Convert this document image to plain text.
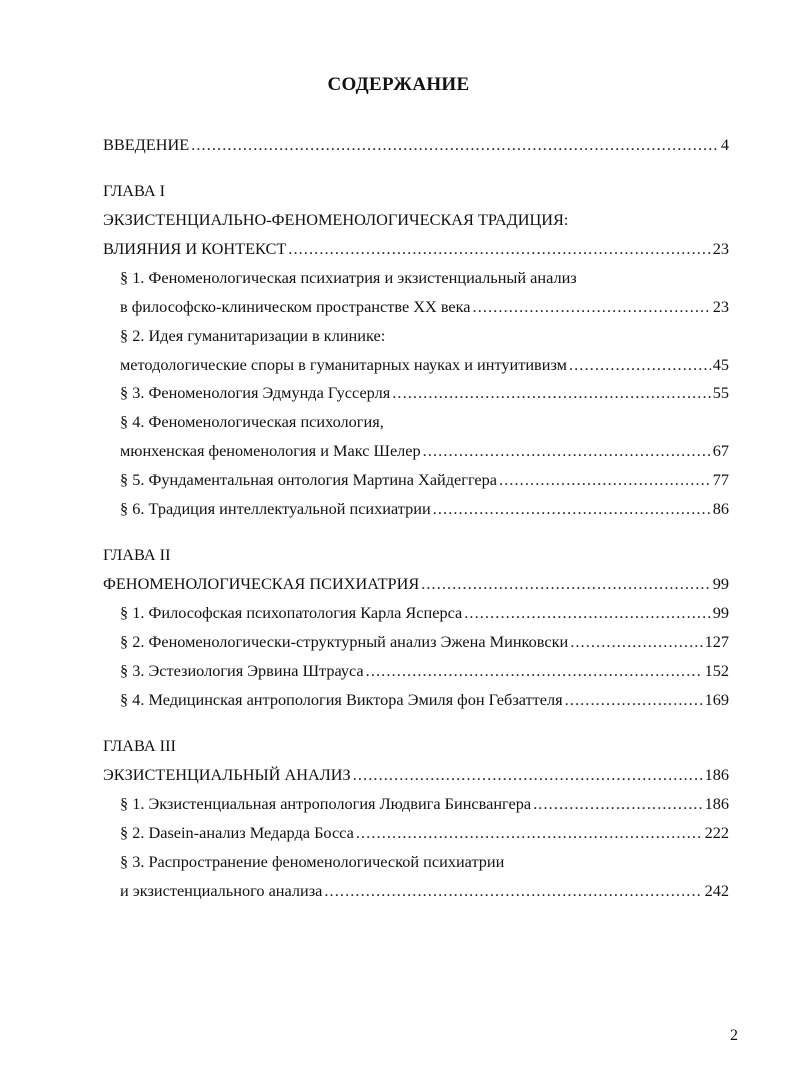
СОДЕРЖАНИЕ
ВВЕДЕНИЕ .....	4
ГЛАВА I
ЭКЗИСТЕНЦИАЛЬНО-ФЕНОМЕНОЛОГИЧЕСКАЯ ТРАДИЦИЯ:
ВЛИЯНИЯ И КОНТЕКСТ .....	23
§ 1. Феноменологическая психиатрия и экзистенциальный анализ
в философско-клиническом пространстве XX века .....	23
§ 2. Идея гуманитаризации в клинике:
методологические споры в гуманитарных науках и интуитивизм .....	45
§ 3. Феноменология Эдмунда Гуссерля .....	55
§ 4. Феноменологическая психология,
мюнхенская феноменология и Макс Шелер .....	67
§ 5. Фундаментальная онтология Мартина Хайдеггера .....	77
§ 6. Традиция интеллектуальной психиатрии .....	86
ГЛАВА II
ФЕНОМЕНОЛОГИЧЕСКАЯ ПСИХИАТРИЯ .....	99
§ 1. Философская психопатология Карла Ясперса .....	99
§ 2. Феноменологически-структурный анализ Эжена Минковски .....	127
§ 3. Эстезиология Эрвина Штрауса .....	152
§ 4. Медицинская антропология Виктора Эмиля фон Гебзаттеля .....	169
ГЛАВА III
ЭКЗИСТЕНЦИАЛЬНЫЙ АНАЛИЗ .....	186
§ 1. Экзистенциальная антропология Людвига Бинсвангера .....	186
§ 2. Dasein-анализ Медарда Босса .....	222
§ 3. Распространение феноменологической психиатрии
и экзистенциального анализа .....	242
2
